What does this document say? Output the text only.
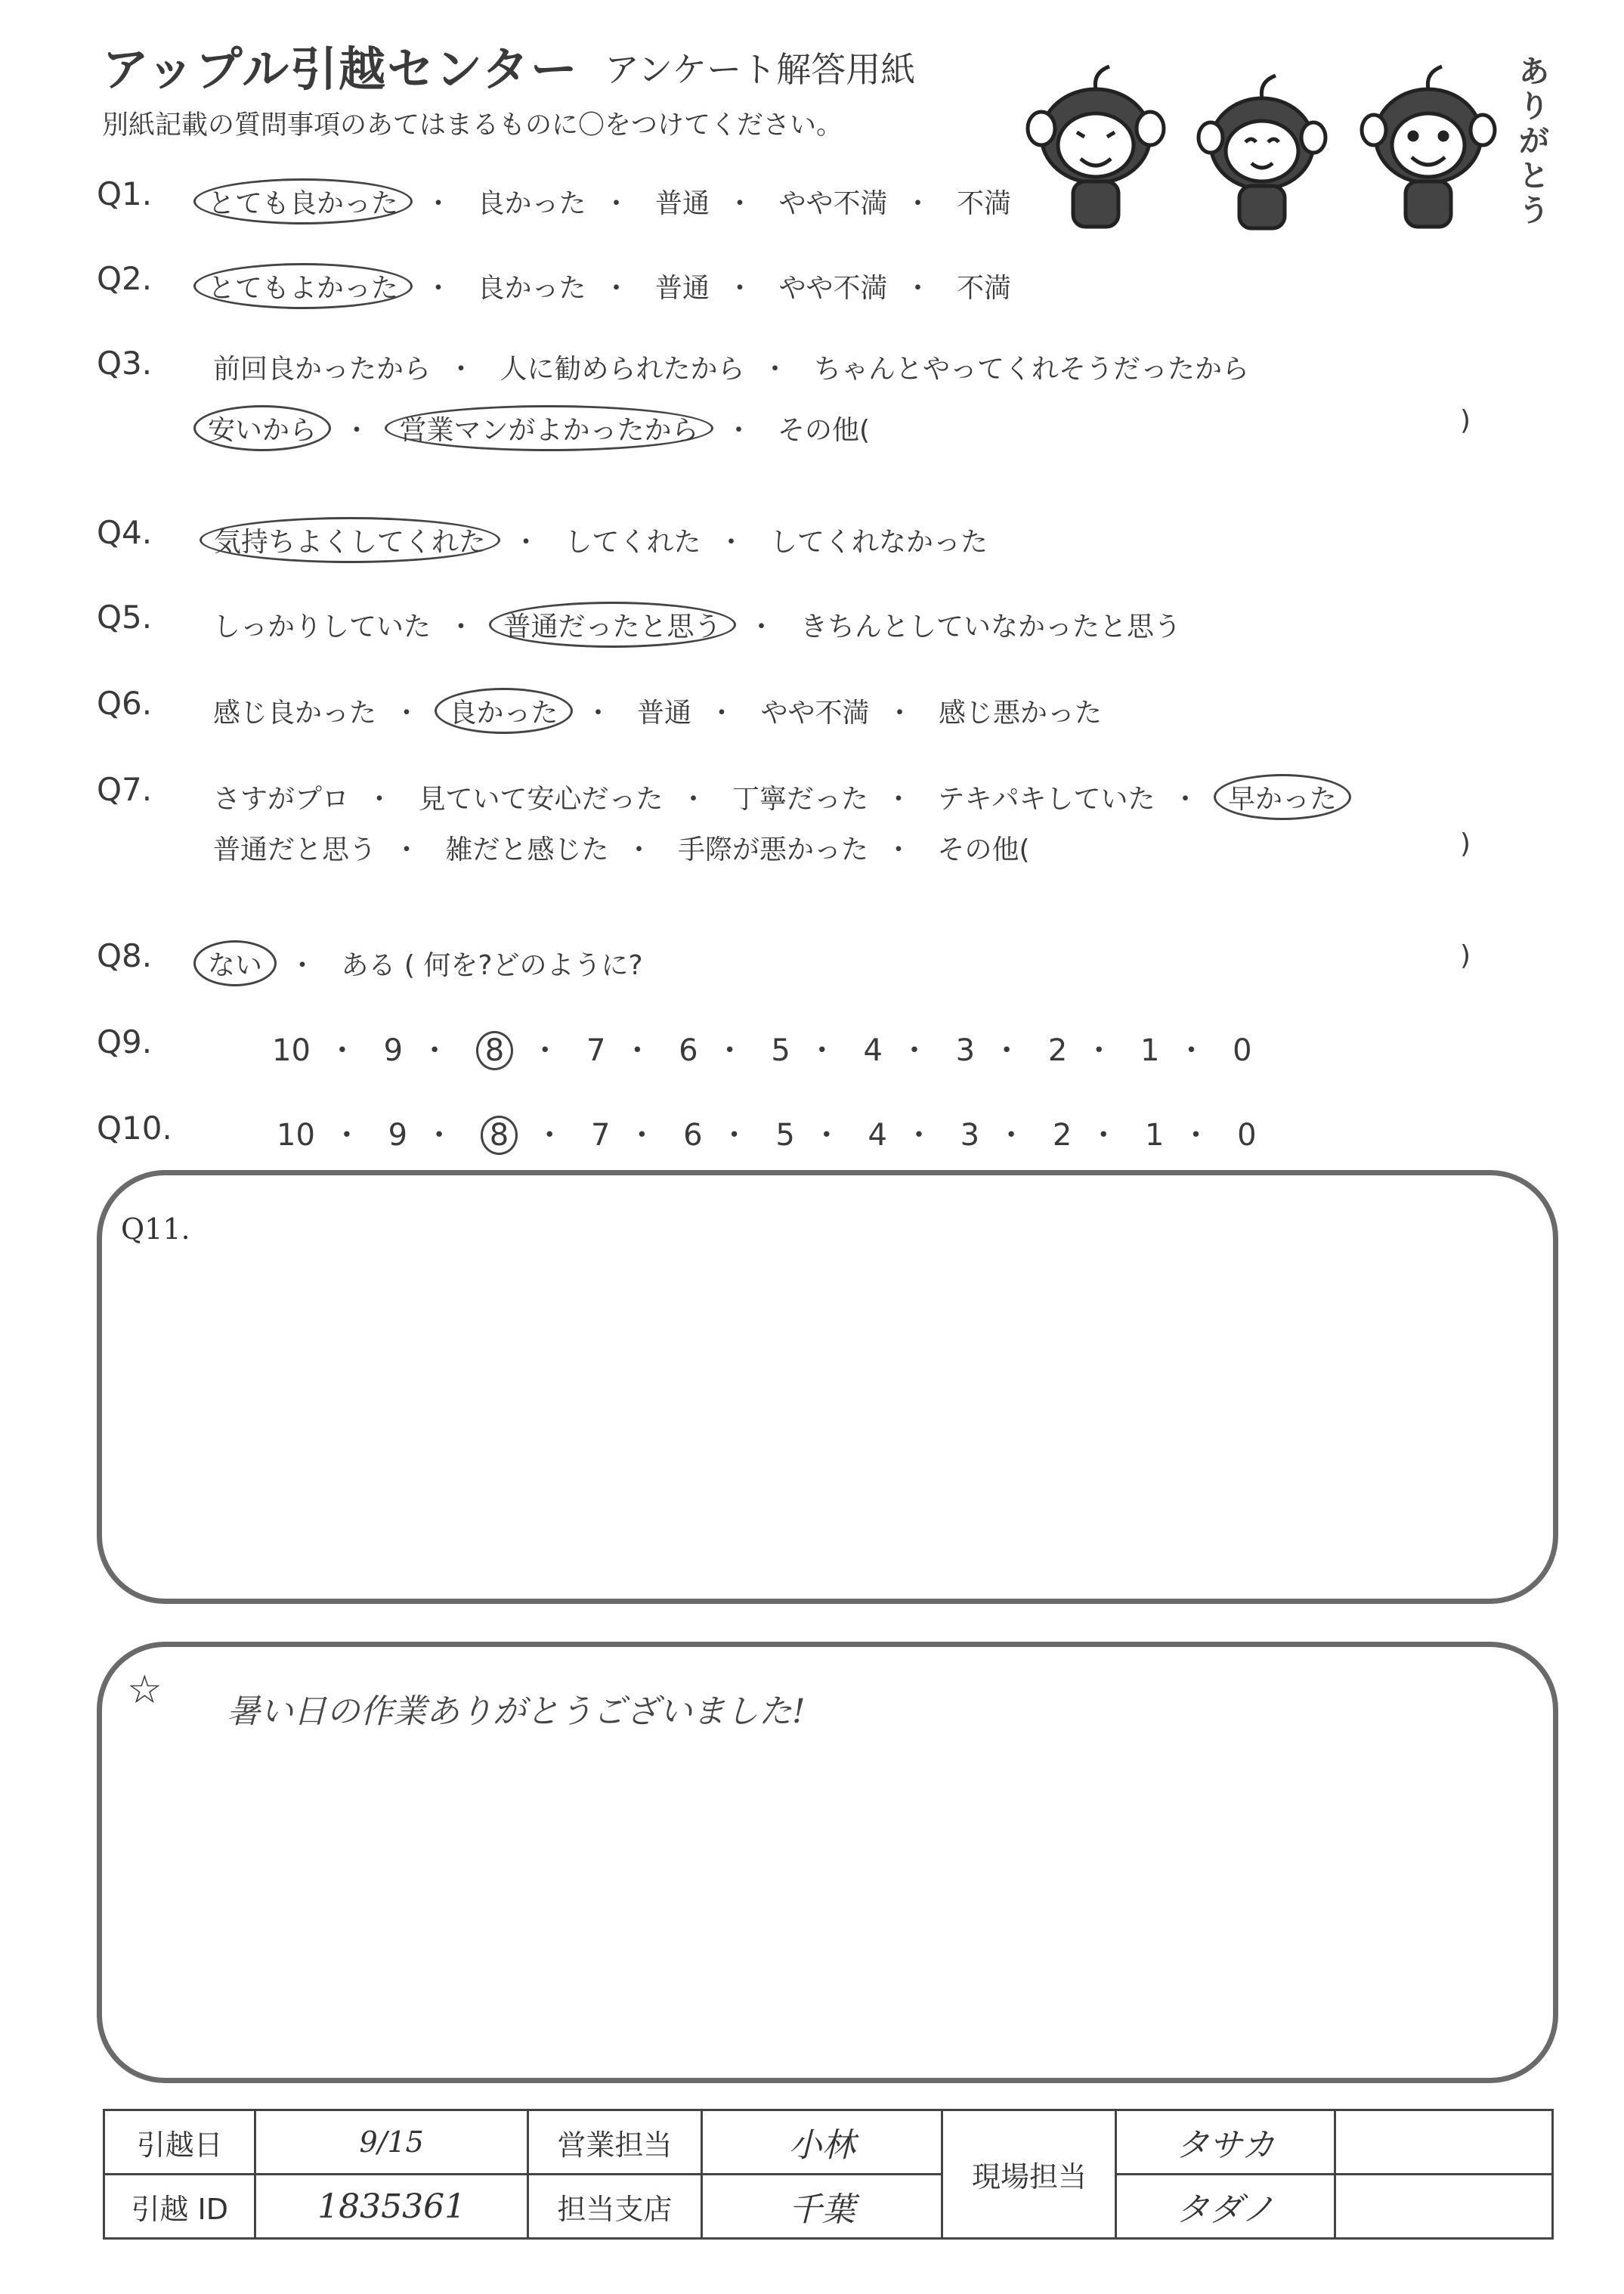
アップル引越センター アンケート解答用紙
別紙記載の質問事項のあてはまるものに〇をつけてください。
ありがとう
Q1. とても良かった ・ 良かった ・ 普通 ・ やや不満 ・ 不満
Q2. とてもよかった ・ 良かった ・ 普通 ・ やや不満 ・ 不満
Q3. 前回良かったから ・ 人に勧められたから ・ ちゃんとやってくれそうだったから
安いから ・ 営業マンがよかったから ・ その他(	)
Q4. 気持ちよくしてくれた ・ してくれた ・ してくれなかった
Q5. しっかりしていた ・ 普通だったと思う ・ きちんとしていなかったと思う
Q6. 感じ良かった ・ 良かった ・ 普通 ・ やや不満 ・ 感じ悪かった
Q7. さすがプロ ・ 見ていて安心だった ・ 丁寧だった ・ テキパキしていた ・ 早かった
普通だと思う ・ 雑だと感じた ・ 手際が悪かった ・ その他(	)
Q8. ない ・ ある ( 何を?どのように?	)
Q9.	10 ・ 9 ・ 8 ・ 7 ・ 6 ・ 5 ・ 4 ・ 3 ・ 2 ・ 1 ・ 0
Q10.	10 ・ 9 ・ 8 ・ 7 ・ 6 ・ 5 ・ 4 ・ 3 ・ 2 ・ 1 ・ 0
Q11.
☆ 暑い日の作業ありがとうございました!
引越日	9/15	営業担当	小林	現場担当	タサカ	
引越 ID	1835361	担当支店	千葉		タダノ	
